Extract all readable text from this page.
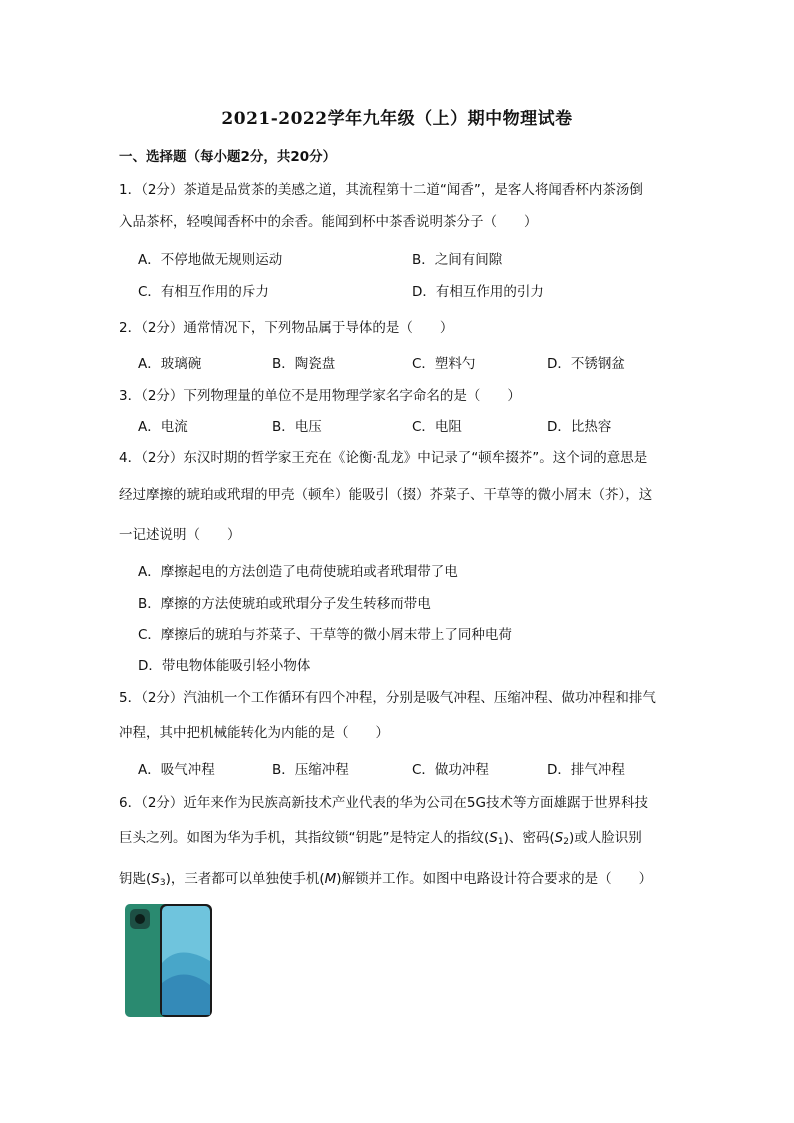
2021-2022学年九年级（上）期中物理试卷
一、选择题（每小题2分，共20分）
1．（2分）茶道是品赏茶的美感之道，其流程第十二道“闻香”，是客人将闻香杯内茶汤倒
入品茶杯，轻嗅闻香杯中的余香。能闻到杯中茶香说明茶分子（　　）
A．不停地做无规则运动	B．之间有间隙
C．有相互作用的斥力	D．有相互作用的引力
2．（2分）通常情况下，下列物品属于导体的是（　　）
A．玻璃碗	B．陶瓷盘	C．塑料勺	D．不锈钢盆
3．（2分）下列物理量的单位不是用物理学家名字命名的是（　　）
A．电流	B．电压	C．电阻	D．比热容
4．（2分）东汉时期的哲学家王充在《论衡·乱龙》中记录了“顿牟掇芥”。这个词的意思是
经过摩擦的琥珀或玳瑁的甲壳（顿牟）能吸引（掇）芥菜子、干草等的微小屑末（芥），这
一记述说明（　　）
A．摩擦起电的方法创造了电荷使琥珀或者玳瑁带了电
B．摩擦的方法使琥珀或玳瑁分子发生转移而带电
C．摩擦后的琥珀与芥菜子、干草等的微小屑末带上了同种电荷
D．带电物体能吸引轻小物体
5．（2分）汽油机一个工作循环有四个冲程，分别是吸气冲程、压缩冲程、做功冲程和排气
冲程，其中把机械能转化为内能的是（　　）
A．吸气冲程	B．压缩冲程	C．做功冲程	D．排气冲程
6．（2分）近年来作为民族高新技术产业代表的华为公司在5G技术等方面雄踞于世界科技
巨头之列。如图为华为手机，其指纹锁“钥匙”是特定人的指纹$(S_1)$、密码$(S_2)$或人脸识别
钥匙$(S_3)$，三者都可以单独使手机(M)解锁并工作。如图中电路设计符合要求的是（　　）
